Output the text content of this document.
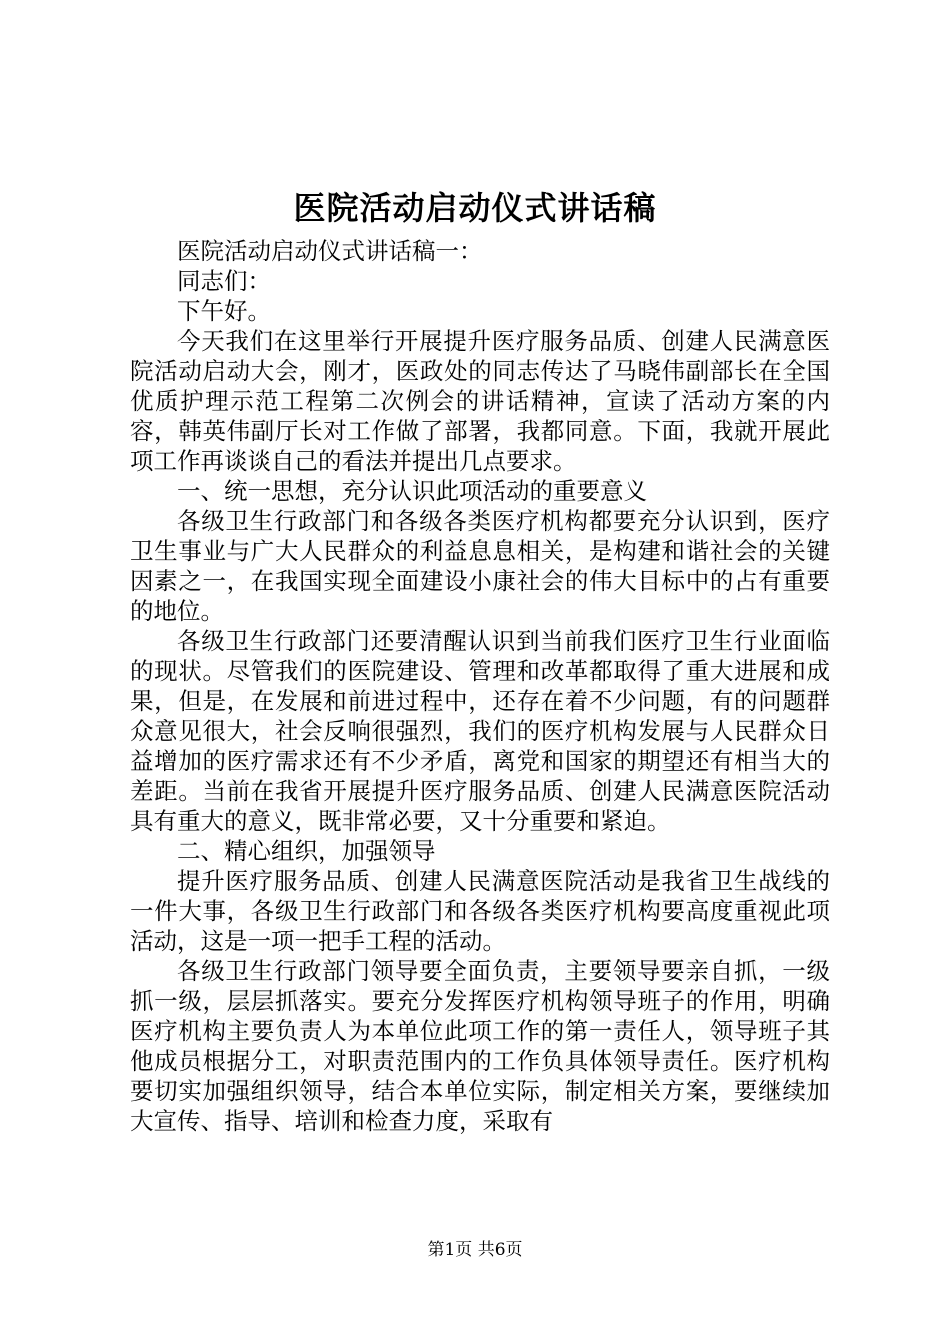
医院活动启动仪式讲话稿

医院活动启动仪式讲话稿一：

同志们：

下午好。

今天我们在这里举行开展提升医疗服务品质、创建人民满意医院活动启动大会，刚才，医政处的同志传达了马晓伟副部长在全国优质护理示范工程第二次例会的讲话精神，宣读了活动方案的内容，韩英伟副厅长对工作做了部署，我都同意。下面，我就开展此项工作再谈谈自己的看法并提出几点要求。

一、统一思想，充分认识此项活动的重要意义

各级卫生行政部门和各级各类医疗机构都要充分认识到，医疗卫生事业与广大人民群众的利益息息相关，是构建和谐社会的关键因素之一，在我国实现全面建设小康社会的伟大目标中的占有重要的地位。

各级卫生行政部门还要清醒认识到当前我们医疗卫生行业面临的现状。尽管我们的医院建设、管理和改革都取得了重大进展和成果，但是，在发展和前进过程中，还存在着不少问题，有的问题群众意见很大，社会反响很强烈，我们的医疗机构发展与人民群众日益增加的医疗需求还有不少矛盾，离党和国家的期望还有相当大的差距。当前在我省开展提升医疗服务品质、创建人民满意医院活动具有重大的意义，既非常必要，又十分重要和紧迫。

二、精心组织，加强领导

提升医疗服务品质、创建人民满意医院活动是我省卫生战线的一件大事，各级卫生行政部门和各级各类医疗机构要高度重视此项活动，这是一项一把手工程的活动。

各级卫生行政部门领导要全面负责，主要领导要亲自抓，一级抓一级，层层抓落实。要充分发挥医疗机构领导班子的作用，明确医疗机构主要负责人为本单位此项工作的第一责任人，领导班子其他成员根据分工，对职责范围内的工作负具体领导责任。医疗机构要切实加强组织领导，结合本单位实际，制定相关方案，要继续加大宣传、指导、培训和检查力度，采取有

第1页 共6页
